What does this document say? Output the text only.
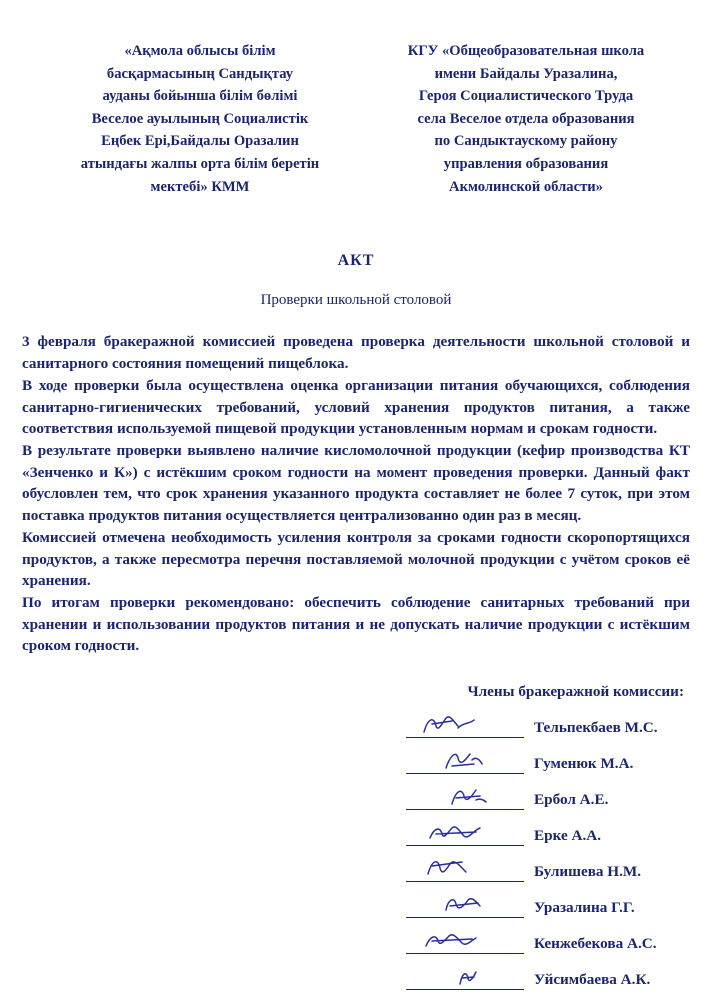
«Ақмола облысы білім
басқармасының Сандықтау
ауданы бойынша білім бөлімі
Веселое ауылының Социалистік
Еңбек Ері,Байдалы Оразалин
атындағы жалпы орта білім беретін
мектебі» КММ
КГУ «Общеобразовательная школа
имени Байдалы Уразалина,
Героя Социалистического Труда
села Веселое отдела образования
по Сандыктаускому району
управления образования
Акмолинской области»
АКТ
Проверки школьной столовой

3 февраля бракеражной комиссией проведена проверка деятельности школьной столовой и санитарного состояния помещений пищеблока.

В ходе проверки была осуществлена оценка организации питания обучающихся, соблюдения санитарно-гигиенических требований, условий хранения продуктов питания, а также соответствия используемой пищевой продукции установленным нормам и срокам годности.

В результате проверки выявлено наличие кисломолочной продукции (кефир производства КТ «Зенченко и К») с истёкшим сроком годности на момент проведения проверки. Данный факт обусловлен тем, что срок хранения указанного продукта составляет не более 7 суток, при этом поставка продуктов питания осуществляется централизованно один раз в месяц.

Комиссией отмечена необходимость усиления контроля за сроками годности скоропортящихся продуктов, а также пересмотра перечня поставляемой молочной продукции с учётом сроков её хранения.

По итогам проверки рекомендовано: обеспечить соблюдение санитарных требований при хранении и использовании продуктов питания и не допускать наличие продукции с истёкшим сроком годности.

Члены бракеражной комиссии:
Тельпекбаев М.С.
Гуменюк М.А.
Ербол А.Е.
Ерке А.А.
Булишева Н.М.
Уразалина Г.Г.
Кенжебекова А.С.
Уйсимбаева А.К.
